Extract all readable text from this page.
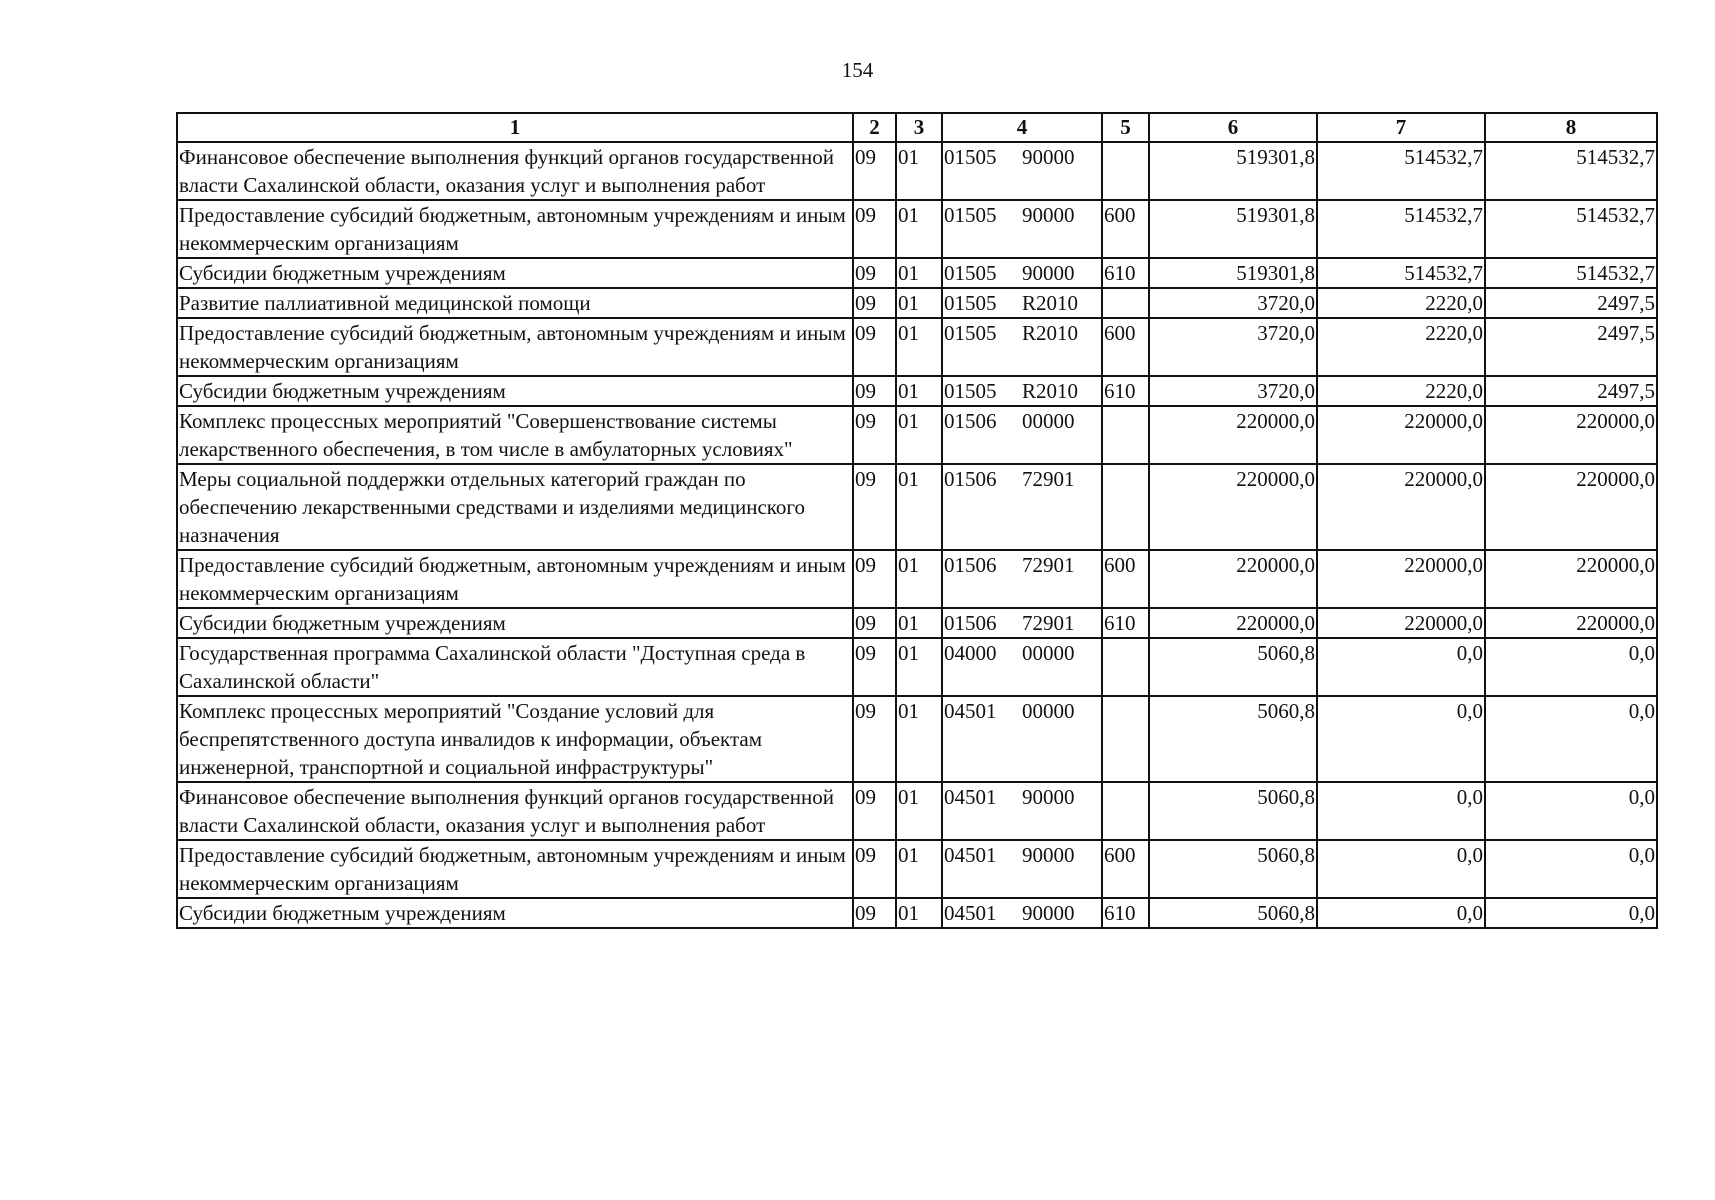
154
1	2	3	4	5	6	7	8
Финансовое обеспечение выполнения функций органов государственной власти Сахалинской области, оказания услуг и выполнения работ	09	01	01505 90000		519301,8	514532,7	514532,7
Предоставление субсидий бюджетным, автономным учреждениям и иным некоммерческим организациям	09	01	01505 90000	600	519301,8	514532,7	514532,7
Субсидии бюджетным учреждениям	09	01	01505 90000	610	519301,8	514532,7	514532,7
Развитие паллиативной медицинской помощи	09	01	01505 R2010		3720,0	2220,0	2497,5
Предоставление субсидий бюджетным, автономным учреждениям и иным некоммерческим организациям	09	01	01505 R2010	600	3720,0	2220,0	2497,5
Субсидии бюджетным учреждениям	09	01	01505 R2010	610	3720,0	2220,0	2497,5
Комплекс процессных мероприятий "Совершенствование системы лекарственного обеспечения, в том числе в амбулаторных условиях"	09	01	01506 00000		220000,0	220000,0	220000,0
Меры социальной поддержки отдельных категорий граждан по обеспечению лекарственными средствами и изделиями медицинского назначения	09	01	01506 72901		220000,0	220000,0	220000,0
Предоставление субсидий бюджетным, автономным учреждениям и иным некоммерческим организациям	09	01	01506 72901	600	220000,0	220000,0	220000,0
Субсидии бюджетным учреждениям	09	01	01506 72901	610	220000,0	220000,0	220000,0
Государственная программа Сахалинской области "Доступная среда в Сахалинской области"	09	01	04000 00000		5060,8	0,0	0,0
Комплекс процессных мероприятий "Создание условий для беспрепятственного доступа инвалидов к информации, объектам инженерной, транспортной и социальной инфраструктуры"	09	01	04501 00000		5060,8	0,0	0,0
Финансовое обеспечение выполнения функций органов государственной власти Сахалинской области, оказания услуг и выполнения работ	09	01	04501 90000		5060,8	0,0	0,0
Предоставление субсидий бюджетным, автономным учреждениям и иным некоммерческим организациям	09	01	04501 90000	600	5060,8	0,0	0,0
Субсидии бюджетным учреждениям	09	01	04501 90000	610	5060,8	0,0	0,0
